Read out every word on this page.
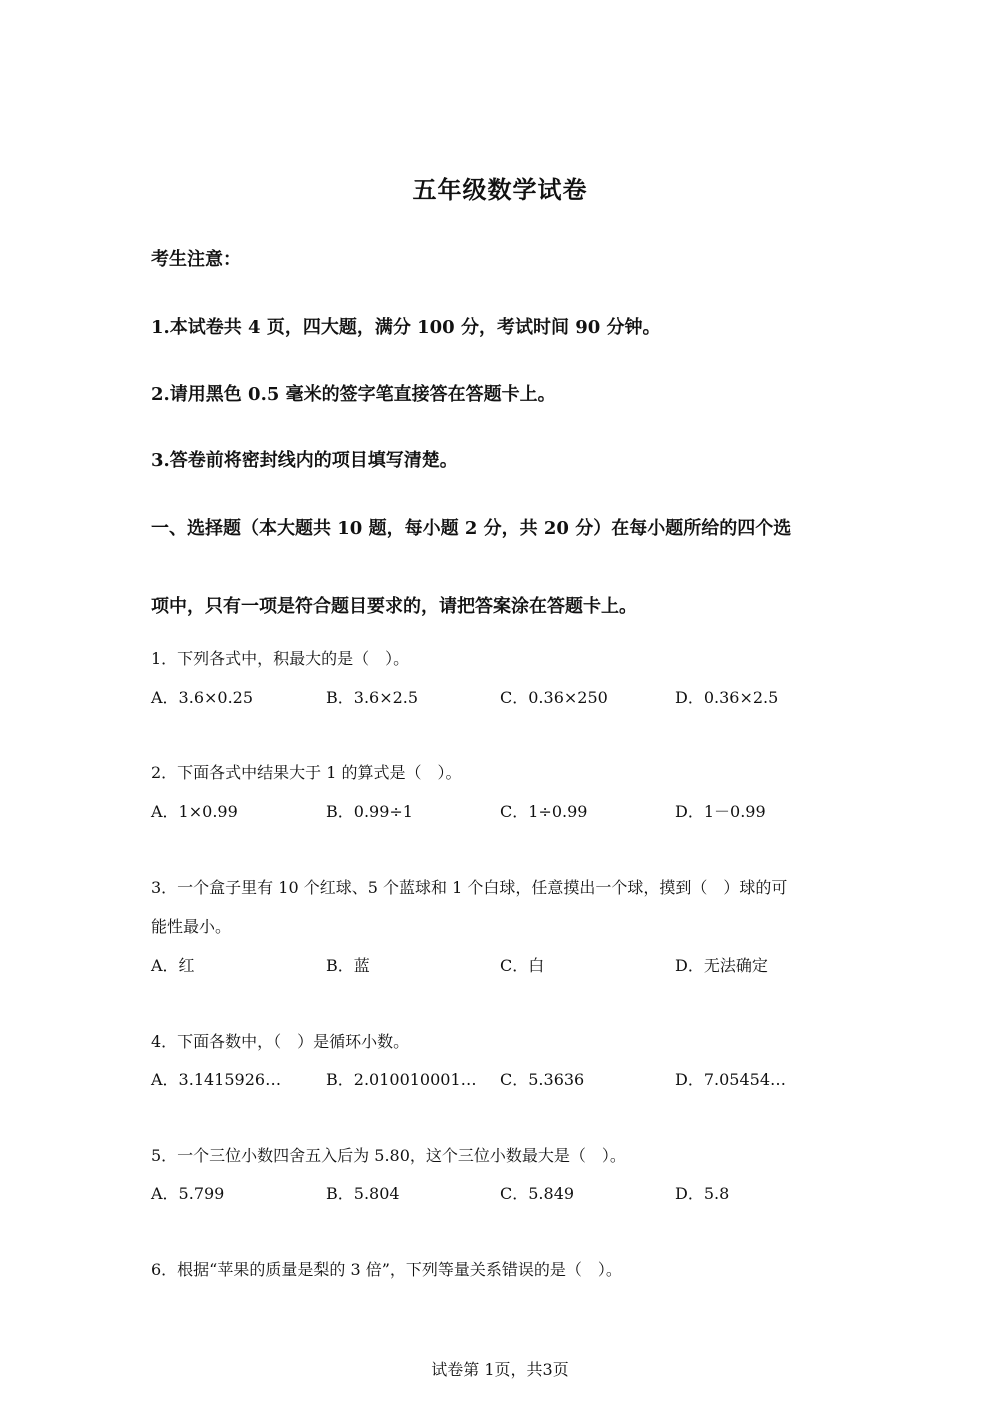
五年级数学试卷
考生注意：
1.本试卷共 4 页，四大题，满分 100 分，考试时间 90 分钟。
2.请用黑色 0.5 毫米的签字笔直接答在答题卡上。
3.答卷前将密封线内的项目填写清楚。
一、选择题（本大题共 10 题，每小题 2 分，共 20 分）在每小题所给的四个选
项中，只有一项是符合题目要求的，请把答案涂在答题卡上。
1．下列各式中，积最大的是（　）。
A．3.6×0.25	B．3.6×2.5	C．0.36×250	D．0.36×2.5
2．下面各式中结果大于 1 的算式是（　）。
A．1×0.99	B．0.99÷1	C．1÷0.99	D．1－0.99
3．一个盒子里有 10 个红球、5 个蓝球和 1 个白球，任意摸出一个球，摸到（　）球的可
能性最小。
A．红	B．蓝	C．白	D．无法确定
4．下面各数中，（　）是循环小数。
A．3.1415926…	B．2.010010001… C．5.3636	D．7.05454…
5．一个三位小数四舍五入后为 5.80，这个三位小数最大是（　）。
A．5.799	B．5.804	C．5.849	D．5.8
6．根据“苹果的质量是梨的 3 倍”，下列等量关系错误的是（　）。
试卷第 1页，共3页
